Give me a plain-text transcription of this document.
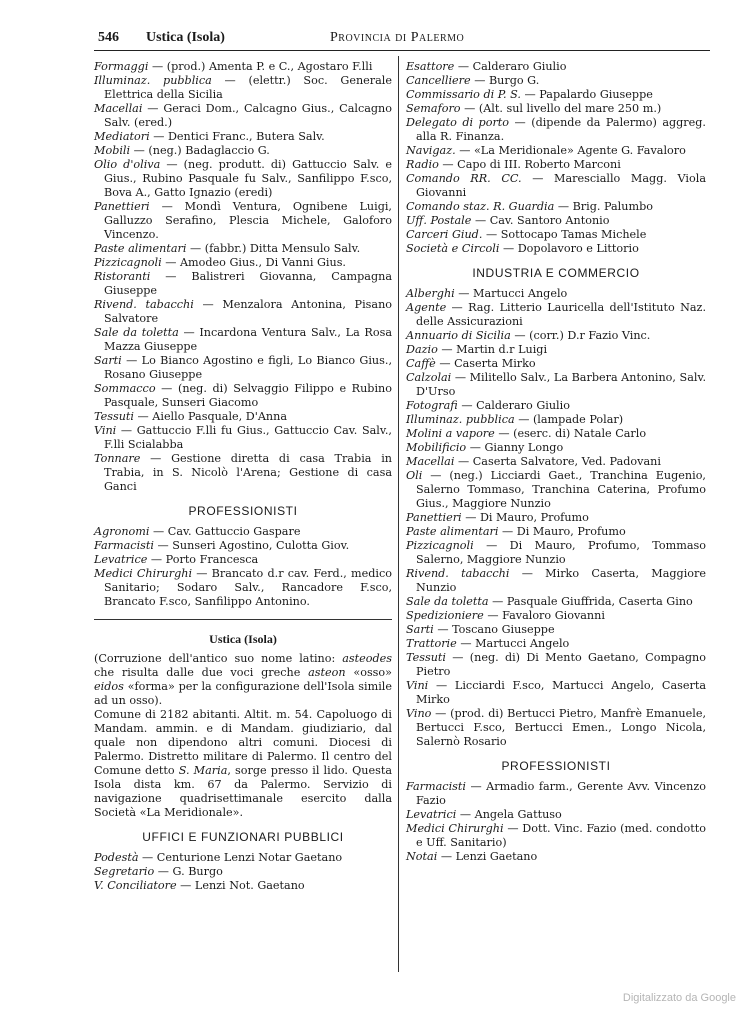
546 Ustica (Isola)	Provincia di Palermo

Formaggi — (prod.) Amenta P. e C., Agostaro F.lli

Illuminaz. pubblica — (elettr.) Soc. Generale Elettrica della Sicilia

Macellai — Geraci Dom., Calcagno Gius., Calcagno Salv. (ered.)

Mediatori — Dentici Franc., Butera Salv.

Mobili — (neg.) Badaglaccio G.

Olio d'oliva — (neg. produtt. di) Gattuccio Salv. e Gius., Rubino Pasquale fu Salv., Sanfilippo F.sco, Bova A., Gatto Ignazio (eredi)

Panettieri — Mondì Ventura, Ognibene Luigi, Galluzzo Serafino, Plescia Michele, Galoforo Vincenzo.

Paste alimentari — (fabbr.) Ditta Mensulo Salv.

Pizzicagnoli — Amodeo Gius., Di Vanni Gius.

Ristoranti — Balistreri Giovanna, Campagna Giuseppe

Rivend. tabacchi — Menzalora Antonina, Pisano Salvatore

Sale da toletta — Incardona Ventura Salv., La Rosa Mazza Giuseppe

Sarti — Lo Bianco Agostino e figli, Lo Bianco Gius., Rosano Giuseppe

Sommacco — (neg. di) Selvaggio Filippo e Rubino Pasquale, Sunseri Giacomo

Tessuti — Aiello Pasquale, D'Anna

Vini — Gattuccio F.lli fu Gius., Gattuccio Cav. Salv., F.lli Scialabba

Tonnare — Gestione diretta di casa Trabia in Trabia, in S. Nicolò l'Arena; Gestione di casa Ganci

PROFESSIONISTI

Agronomi — Cav. Gattuccio Gaspare

Farmacisti — Sunseri Agostino, Culotta Giov.

Levatrice — Porto Francesca

Medici Chirurghi — Brancato d.r cav. Ferd., medico Sanitario; Sodaro Salv., Rancadore F.sco, Brancato F.sco, Sanfilippo Antonino.

Ustica (Isola)

(Corruzione dell'antico suo nome latino: asteodes che risulta dalle due voci greche asteon «osso» eidos «forma» per la configurazione dell'Isola simile ad un osso).

Comune di 2182 abitanti. Altit. m. 54. Capoluogo di Mandam. ammin. e di Mandam. giudiziario, dal quale non dipendono altri comuni. Diocesi di Palermo. Distretto militare di Palermo. Il centro del Comune detto S. Maria, sorge presso il lido. Questa Isola dista km. 67 da Palermo. Servizio di navigazione quadrisettimanale esercito dalla Società «La Meridionale».

UFFICI E FUNZIONARI PUBBLICI

Podestà — Centurione Lenzi Notar Gaetano

Segretario — G. Burgo

V. Conciliatore — Lenzi Not. Gaetano

Esattore — Calderaro Giulio

Cancelliere — Burgo G.

Commissario di P. S. — Papalardo Giuseppe

Semaforo — (Alt. sul livello del mare 250 m.)

Delegato di porto — (dipende da Palermo) aggreg. alla R. Finanza.

Navigaz. — «La Meridionale» Agente G. Favaloro

Radio — Capo di III. Roberto Marconi

Comando RR. CC. — Maresciallo Magg. Viola Giovanni

Comando staz. R. Guardia — Brig. Palumbo

Uff. Postale — Cav. Santoro Antonio

Carceri Giud. — Sottocapo Tamas Michele

Società e Circoli — Dopolavoro e Littorio

INDUSTRIA E COMMERCIO

Alberghi — Martucci Angelo

Agente — Rag. Litterio Lauricella dell'Istituto Naz. delle Assicurazioni

Annuario di Sicilia — (corr.) D.r Fazio Vinc.

Dazio — Martin d.r Luigi

Caffè — Caserta Mirko

Calzolai — Militello Salv., La Barbera Antonino, Salv. D'Urso

Fotografi — Calderaro Giulio

Illuminaz. pubblica — (lampade Polar)

Molini a vapore — (eserc. di) Natale Carlo

Mobilificio — Gianny Longo

Macellai — Caserta Salvatore, Ved. Padovani

Oli — (neg.) Licciardi Gaet., Tranchina Eugenio, Salerno Tommaso, Tranchina Caterina, Profumo Gius., Maggiore Nunzio

Panettieri — Di Mauro, Profumo

Paste alimentari — Di Mauro, Profumo

Pizzicagnoli — Di Mauro, Profumo, Tommaso Salerno, Maggiore Nunzio

Rivend. tabacchi — Mirko Caserta, Maggiore Nunzio

Sale da toletta — Pasquale Giuffrida, Caserta Gino

Spedizioniere — Favaloro Giovanni

Sarti — Toscano Giuseppe

Trattorie — Martucci Angelo

Tessuti — (neg. di) Di Mento Gaetano, Compagno Pietro

Vini — Licciardi F.sco, Martucci Angelo, Caserta Mirko

Vino — (prod. di) Bertucci Pietro, Manfrè Emanuele, Bertucci F.sco, Bertucci Emen., Longo Nicola, Salernò Rosario

PROFESSIONISTI

Farmacisti — Armadio farm., Gerente Avv. Vincenzo Fazio

Levatrici — Angela Gattuso

Medici Chirurghi — Dott. Vinc. Fazio (med. condotto e Uff. Sanitario)

Notai — Lenzi Gaetano

Digitalizzato da Google
